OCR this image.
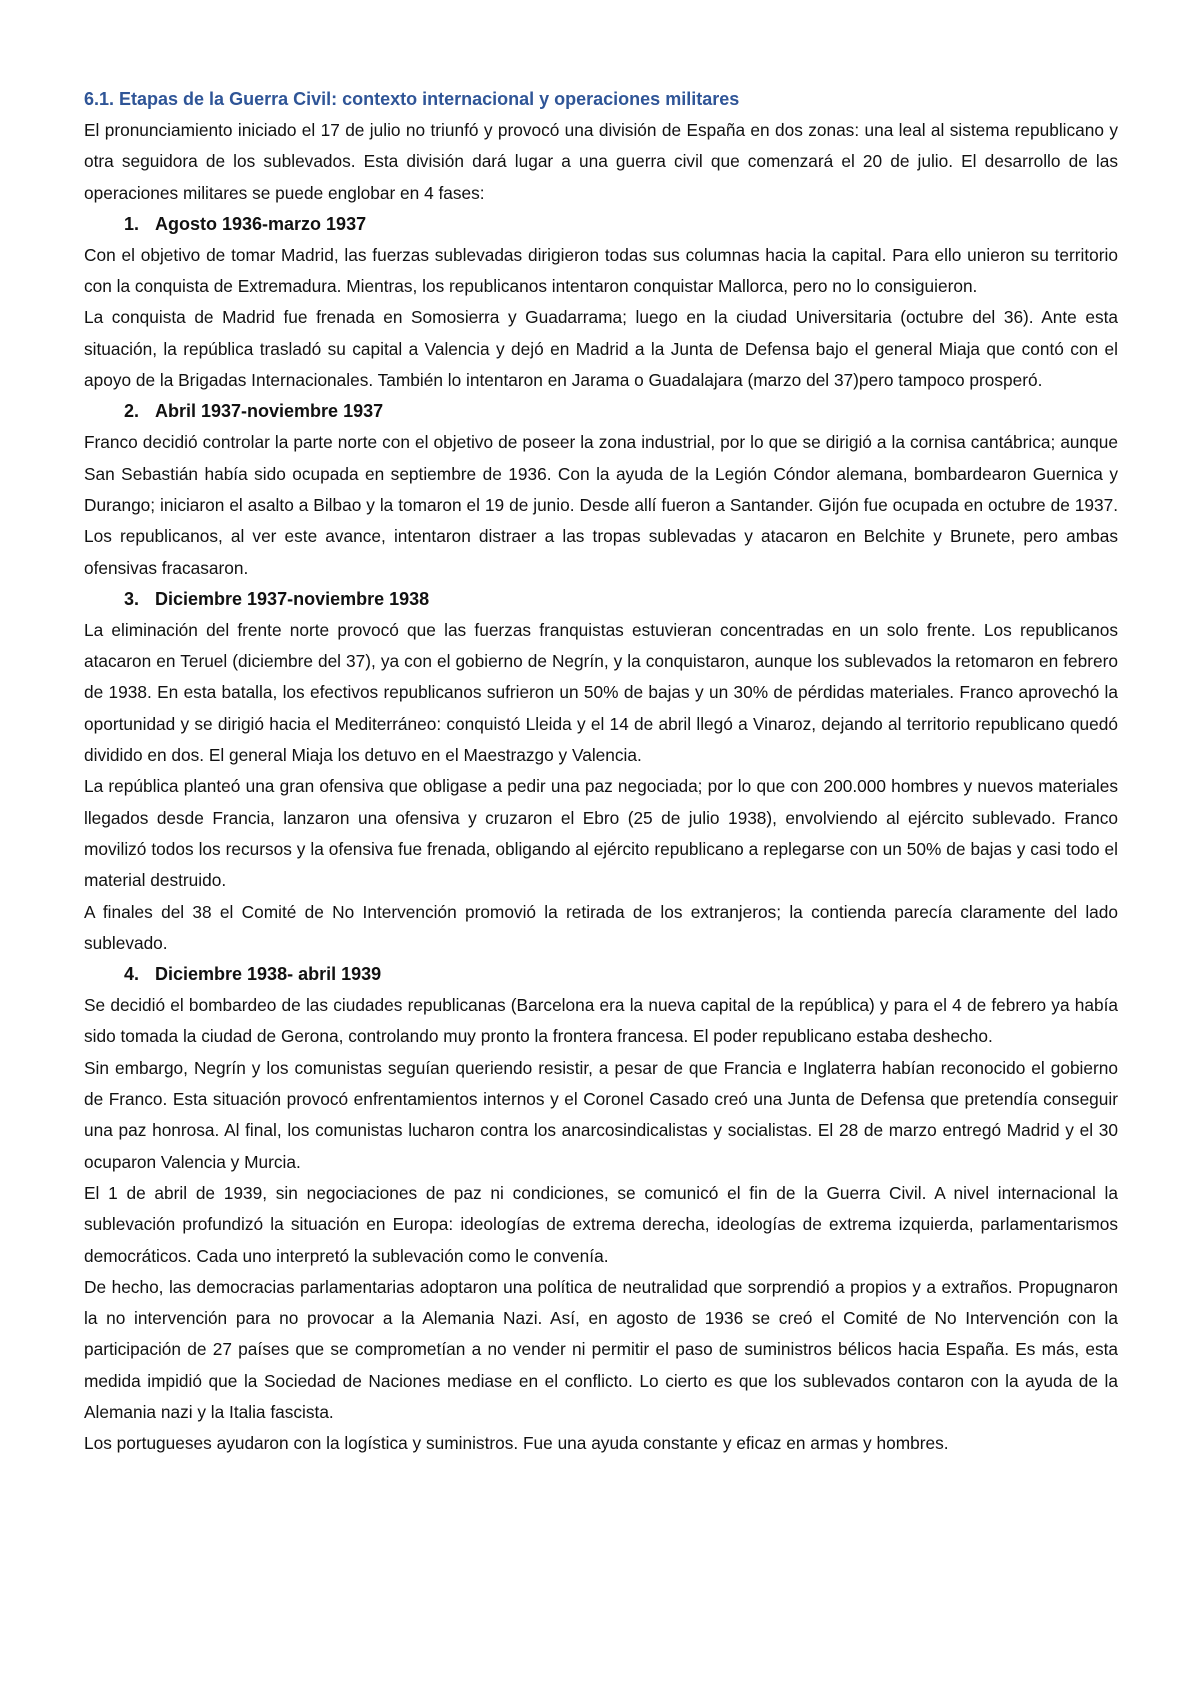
6.1. Etapas de la Guerra Civil: contexto internacional y operaciones militares

El pronunciamiento iniciado el 17 de julio no triunfó y provocó una división de España en dos zonas: una leal al sistema republicano y otra seguidora de los sublevados. Esta división dará lugar a una guerra civil que comenzará el 20 de julio. El desarrollo de las operaciones militares se puede englobar en 4 fases:

1. Agosto 1936-marzo 1937

Con el objetivo de tomar Madrid, las fuerzas sublevadas dirigieron todas sus columnas hacia la capital. Para ello unieron su territorio con la conquista de Extremadura. Mientras, los republicanos intentaron conquistar Mallorca, pero no lo consiguieron.

La conquista de Madrid fue frenada en Somosierra y Guadarrama; luego en la ciudad Universitaria (octubre del 36). Ante esta situación, la república trasladó su capital a Valencia y dejó en Madrid a la Junta de Defensa bajo el general Miaja que contó con el apoyo de la Brigadas Internacionales. También lo intentaron en Jarama o Guadalajara (marzo del 37)pero tampoco prosperó.

2. Abril 1937-noviembre 1937

Franco decidió controlar la parte norte con el objetivo de poseer la zona industrial, por lo que se dirigió a la cornisa cantábrica; aunque San Sebastián había sido ocupada en septiembre de 1936. Con la ayuda de la Legión Cóndor alemana, bombardearon Guernica y Durango; iniciaron el asalto a Bilbao y la tomaron el 19 de junio. Desde allí fueron a Santander. Gijón fue ocupada en octubre de 1937. Los republicanos, al ver este avance, intentaron distraer a las tropas sublevadas y atacaron en Belchite y Brunete, pero ambas ofensivas fracasaron.

3. Diciembre 1937-noviembre 1938

La eliminación del frente norte provocó que las fuerzas franquistas estuvieran concentradas en un solo frente. Los republicanos atacaron en Teruel (diciembre del 37), ya con el gobierno de Negrín, y la conquistaron, aunque los sublevados la retomaron en febrero de 1938. En esta batalla, los efectivos republicanos sufrieron un 50% de bajas y un 30% de pérdidas materiales. Franco aprovechó la oportunidad y se dirigió hacia el Mediterráneo: conquistó Lleida y el 14 de abril llegó a Vinaroz, dejando al territorio republicano quedó dividido en dos. El general Miaja los detuvo en el Maestrazgo y Valencia.

La república planteó una gran ofensiva que obligase a pedir una paz negociada; por lo que con 200.000 hombres y nuevos materiales llegados desde Francia, lanzaron una ofensiva y cruzaron el Ebro (25 de julio 1938), envolviendo al ejército sublevado. Franco movilizó todos los recursos y la ofensiva fue frenada, obligando al ejército republicano a replegarse con un 50% de bajas y casi todo el material destruido.

A finales del 38 el Comité de No Intervención promovió la retirada de los extranjeros; la contienda parecía claramente del lado sublevado.

4. Diciembre 1938- abril 1939

Se decidió el bombardeo de las ciudades republicanas (Barcelona era la nueva capital de la república) y para el 4 de febrero ya había sido tomada la ciudad de Gerona, controlando muy pronto la frontera francesa. El poder republicano estaba deshecho.

Sin embargo, Negrín y los comunistas seguían queriendo resistir, a pesar de que Francia e Inglaterra habían reconocido el gobierno de Franco. Esta situación provocó enfrentamientos internos y el Coronel Casado creó una Junta de Defensa que pretendía conseguir una paz honrosa. Al final, los comunistas lucharon contra los anarcosindicalistas y socialistas. El 28 de marzo entregó Madrid y el 30 ocuparon Valencia y Murcia.

El 1 de abril de 1939, sin negociaciones de paz ni condiciones, se comunicó el fin de la Guerra Civil. A nivel internacional la sublevación profundizó la situación en Europa: ideologías de extrema derecha, ideologías de extrema izquierda, parlamentarismos democráticos. Cada uno interpretó la sublevación como le convenía.

De hecho, las democracias parlamentarias adoptaron una política de neutralidad que sorprendió a propios y a extraños. Propugnaron la no intervención para no provocar a la Alemania Nazi. Así, en agosto de 1936 se creó el Comité de No Intervención con la participación de 27 países que se comprometían a no vender ni permitir el paso de suministros bélicos hacia España. Es más, esta medida impidió que la Sociedad de Naciones mediase en el conflicto. Lo cierto es que los sublevados contaron con la ayuda de la Alemania nazi y la Italia fascista.

Los portugueses ayudaron con la logística y suministros. Fue una ayuda constante y eficaz en armas y hombres.
